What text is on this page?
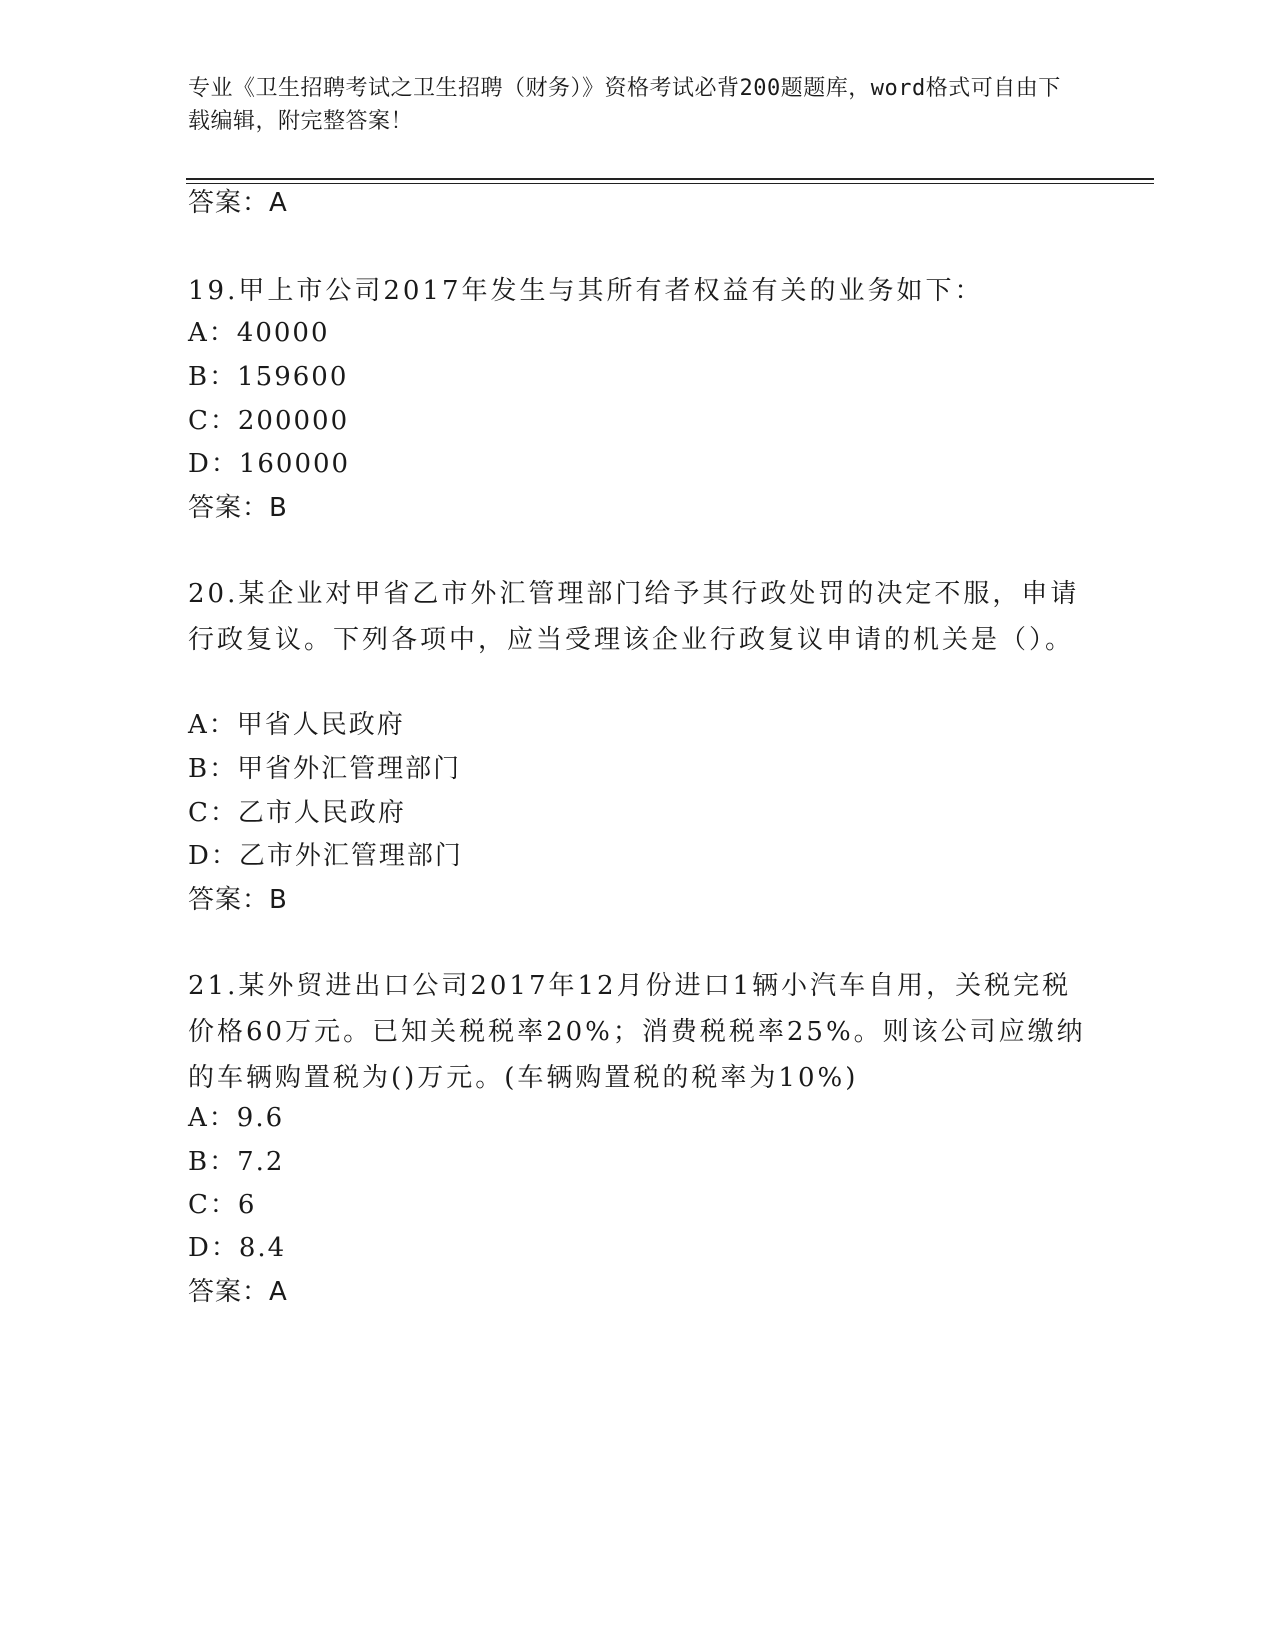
专业《卫生招聘考试之卫生招聘（财务）》资格考试必背200题题库，word格式可自由下载编辑，附完整答案！
答案：A
19.甲上市公司2017年发生与其所有者权益有关的业务如下：
A：40000
B：159600
C：200000
D：160000
答案：B
20.某企业对甲省乙市外汇管理部门给予其行政处罚的决定不服，申请行政复议。下列各项中，应当受理该企业行政复议申请的机关是（）。
A：甲省人民政府
B：甲省外汇管理部门
C：乙市人民政府
D：乙市外汇管理部门
答案：B
21.某外贸进出口公司2017年12月份进口1辆小汽车自用，关税完税价格60万元。已知关税税率20%；消费税税率25%。则该公司应缴纳的车辆购置税为()万元。(车辆购置税的税率为10%)
A：9.6
B：7.2
C：6
D：8.4
答案：A
